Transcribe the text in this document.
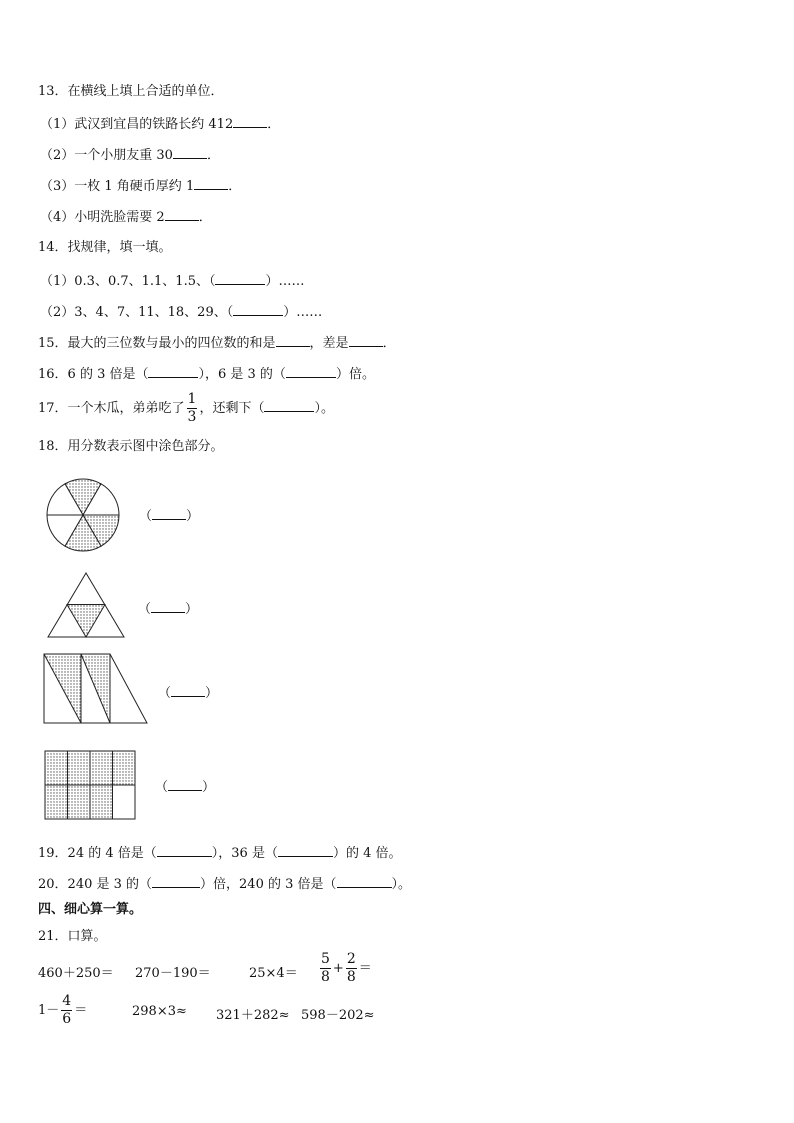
13．在横线上填上合适的单位．
（1）武汉到宜昌的铁路长约 412	．
（2）一个小朋友重 30	．
（3）一枚 1 角硬币厚约 1	．
（4）小明洗脸需要 2	．
14．找规律，填一填。
（1）0.3、0.7、1.1、1.5、（	）……
（2）3、4、7、11、18、29、（	）……
15．最大的三位数与最小的四位数的和是	，差是	．
16．6 的 3 倍是（	），6 是 3 的（	）倍。
17．一个木瓜，弟弟吃了 $\frac{1}{3}$ ，还剩下（	）。
18．用分数表示图中涂色部分。
（	）
（	）
（	）
（	）
19．24 的 4 倍是（	），36 是（	）的 4 倍。
20．240 是 3 的（	）倍，240 的 3 倍是（	）。
四、细心算一算。
21．口算。
460＋250＝ 270－190＝	$25\times 4= \frac{5}{8} + \frac{2}{8}$ ＝
$1- \frac{4}{6}$ ＝	298×3≈ 321＋282≈ 598－202≈
